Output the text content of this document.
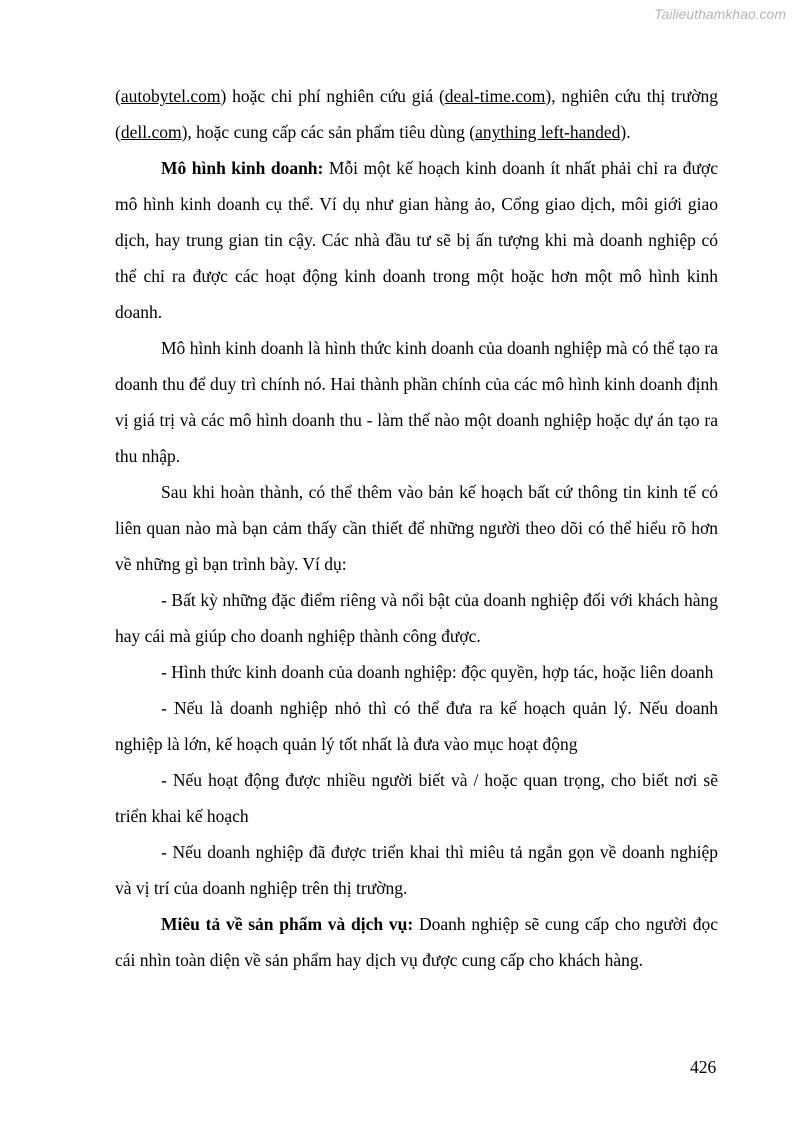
Tailieuthamkhao.com

(autobytel.com) hoặc chi phí nghiên cứu giá (deal-time.com), nghiên cứu thị trường (dell.com), hoặc cung cấp các sản phẩm tiêu dùng (anything left-handed).

Mô hình kinh doanh: Mỗi một kế hoạch kinh doanh ít nhất phải chỉ ra được mô hình kinh doanh cụ thể. Ví dụ như gian hàng ảo, Cổng giao dịch, môi giới giao dịch, hay trung gian tin cậy. Các nhà đầu tư sẽ bị ấn tượng khi mà doanh nghiệp có thể chỉ ra được các hoạt động kinh doanh trong một hoặc hơn một mô hình kinh doanh.

Mô hình kinh doanh là hình thức kinh doanh của doanh nghiệp mà có thể tạo ra doanh thu để duy trì chính nó. Hai thành phần chính của các mô hình kinh doanh định vị giá trị và các mô hình doanh thu - làm thế nào một doanh nghiệp hoặc dự án tạo ra thu nhập.

Sau khi hoàn thành, có thể thêm vào bản kế hoạch bất cứ thông tin kinh tế có liên quan nào mà bạn cảm thấy cần thiết để những người theo dõi có thể hiểu rõ hơn về những gì bạn trình bày. Ví dụ:

- Bất kỳ những đặc điểm riêng và nổi bật của doanh nghiệp đối với khách hàng hay cái mà giúp cho doanh nghiệp thành công được.

- Hình thức kinh doanh của doanh nghiệp: độc quyền, hợp tác, hoặc liên doanh

- Nếu là doanh nghiệp nhỏ thì có thể đưa ra kế hoạch quản lý. Nếu doanh nghiệp là lớn, kế hoạch quản lý tốt nhất là đưa vào mục hoạt động

- Nếu hoạt động được nhiều người biết và / hoặc quan trọng, cho biết nơi sẽ triển khai kế hoạch

- Nếu doanh nghiệp đã được triển khai thì miêu tả ngắn gọn về doanh nghiệp và vị trí của doanh nghiệp trên thị trường.

Miêu tả về sản phẩm và dịch vụ: Doanh nghiệp sẽ cung cấp cho người đọc cái nhìn toàn diện về sản phẩm hay dịch vụ được cung cấp cho khách hàng.

426
